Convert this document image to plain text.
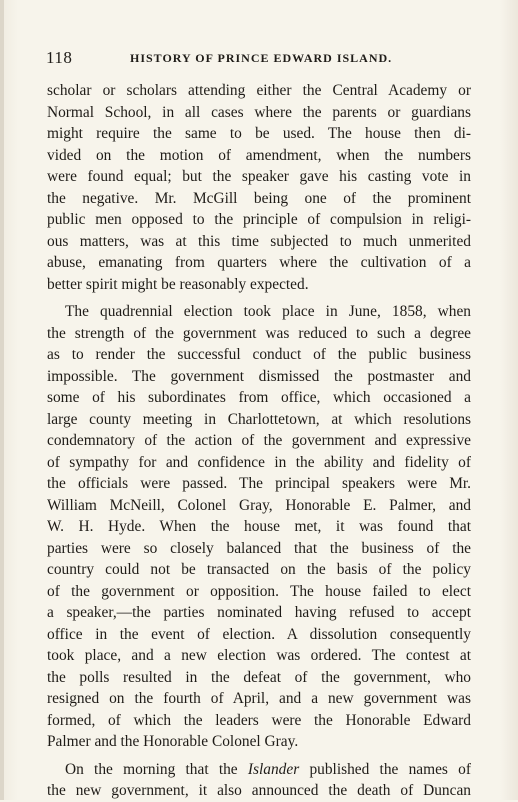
118	HISTORY OF PRINCE EDWARD ISLAND.
scholar or scholars attending either the Central Academy or
Normal School, in all cases where the parents or guardians
might require the same to be used. The house then di-
vided on the motion of amendment, when the numbers
were found equal; but the speaker gave his casting vote in
the negative. Mr. McGill being one of the prominent
public men opposed to the principle of compulsion in religi-
ous matters, was at this time subjected to much unmerited
abuse, emanating from quarters where the cultivation of a
better spirit might be reasonably expected.
The quadrennial election took place in June, 1858, when
the strength of the government was reduced to such a degree
as to render the successful conduct of the public business
impossible. The government dismissed the postmaster and
some of his subordinates from office, which occasioned a
large county meeting in Charlottetown, at which resolutions
condemnatory of the action of the government and expressive
of sympathy for and confidence in the ability and fidelity of
the officials were passed. The principal speakers were Mr.
William McNeill, Colonel Gray, Honorable E. Palmer, and
W. H. Hyde. When the house met, it was found that
parties were so closely balanced that the business of the
country could not be transacted on the basis of the policy
of the government or opposition. The house failed to elect
a speaker,—the parties nominated having refused to accept
office in the event of election. A dissolution consequently
took place, and a new election was ordered. The contest at
the polls resulted in the defeat of the government, who
resigned on the fourth of April, and a new government was
formed, of which the leaders were the Honorable Edward
Palmer and the Honorable Colonel Gray.
On the morning that the Islander published the names of
the new government, it also announced the death of Duncan
